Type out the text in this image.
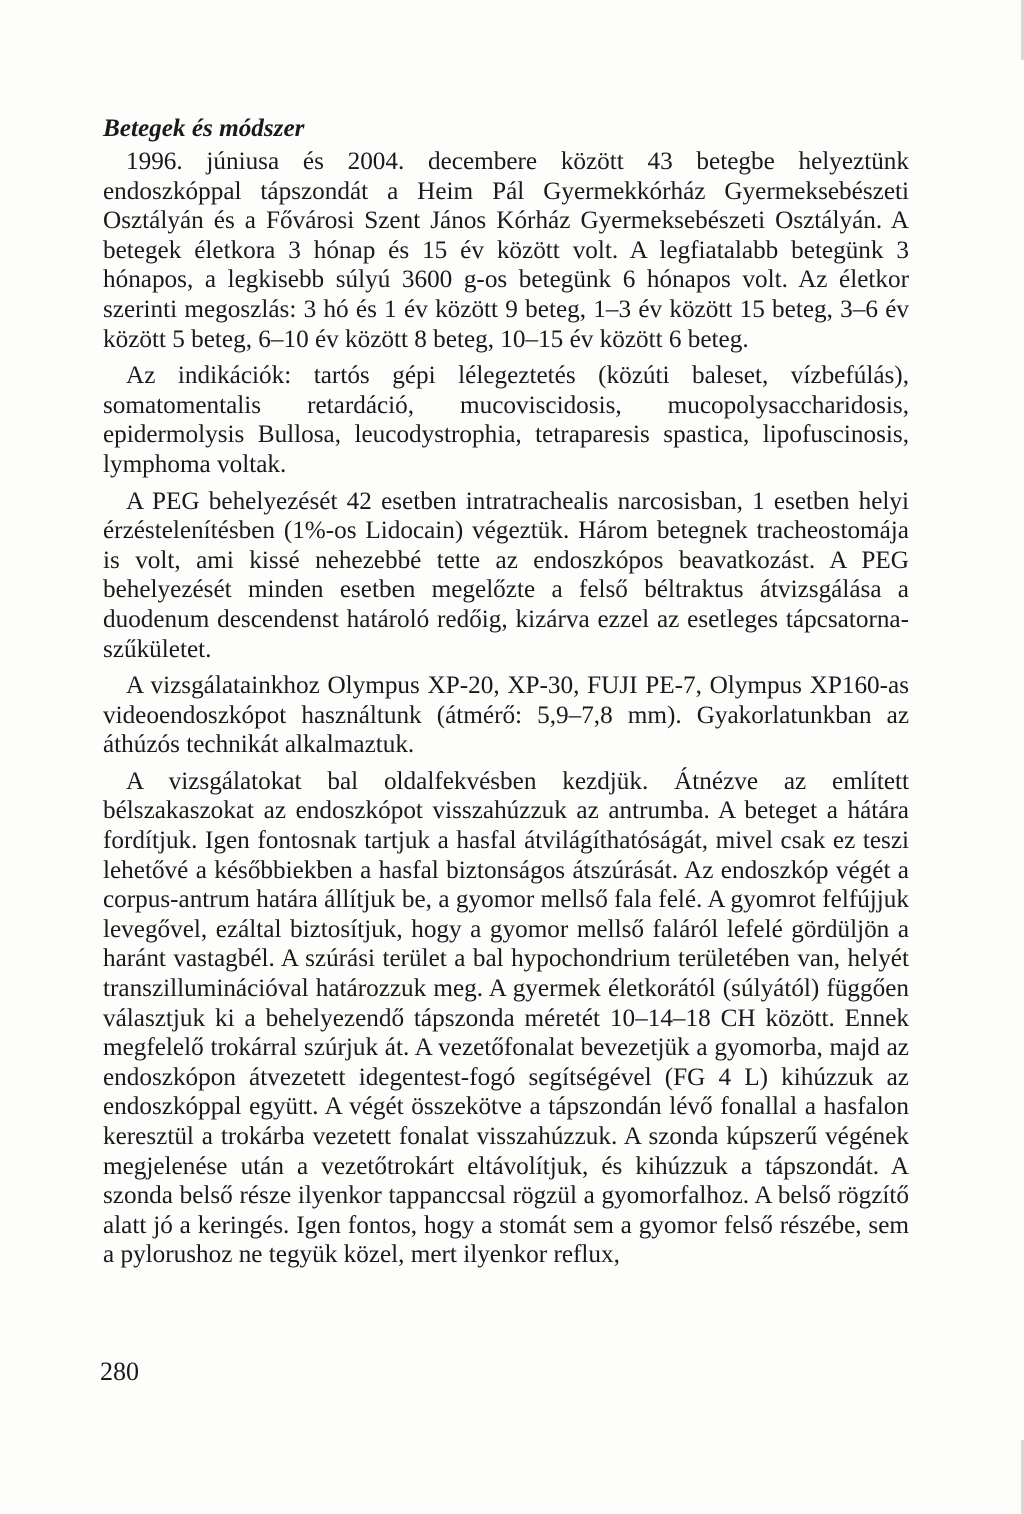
Betegek és módszer

1996. júniusa és 2004. decembere között 43 betegbe helyeztünk endoszkóppal tápszondát a Heim Pál Gyermekkórház Gyermeksebészeti Osztályán és a Fővárosi Szent János Kórház Gyermeksebészeti Osztályán. A betegek életkora 3 hónap és 15 év között volt. A legfiatalabb betegünk 3 hónapos, a legkisebb súlyú 3600 g-os betegünk 6 hónapos volt. Az életkor szerinti megoszlás: 3 hó és 1 év között 9 beteg, 1–3 év között 15 beteg, 3–6 év között 5 beteg, 6–10 év között 8 beteg, 10–15 év között 6 beteg.

Az indikációk: tartós gépi lélegeztetés (közúti baleset, vízbefúlás), somatomentalis retardáció, mucoviscidosis, mucopolysaccharidosis, epidermolysis Bullosa, leucodystrophia, tetraparesis spastica, lipofuscinosis, lymphoma voltak.

A PEG behelyezését 42 esetben intratrachealis narcosisban, 1 esetben helyi érzéstelenítésben (1%-os Lidocain) végeztük. Három betegnek tracheostomája is volt, ami kissé nehezebbé tette az endoszkópos beavatkozást. A PEG behelyezését minden esetben megelőzte a felső béltraktus átvizsgálása a duodenum descendenst határoló redőig, kizárva ezzel az esetleges tápcsatorna-szűkületet.

A vizsgálatainkhoz Olympus XP-20, XP-30, FUJI PE-7, Olympus XP160-as videoendoszkópot használtunk (átmérő: 5,9–7,8 mm). Gyakorlatunkban az áthúzós technikát alkalmaztuk.

A vizsgálatokat bal oldalfekvésben kezdjük. Átnézve az említett bélszakaszokat az endoszkópot visszahúzzuk az antrumba. A beteget a hátára fordítjuk. Igen fontosnak tartjuk a hasfal átvilágíthatóságát, mivel csak ez teszi lehetővé a későbbiekben a hasfal biztonságos átszúrását. Az endoszkóp végét a corpus-antrum határa állítjuk be, a gyomor mellső fala felé. A gyomrot felfújjuk levegővel, ezáltal biztosítjuk, hogy a gyomor mellső faláról lefelé gördüljön a haránt vastagbél. A szúrási terület a bal hypochondrium területében van, helyét transzilluminációval határozzuk meg. A gyermek életkorától (súlyától) függően választjuk ki a behelyezendő tápszonda méretét 10–14–18 CH között. Ennek megfelelő trokárral szúrjuk át. A vezetőfonalat bevezetjük a gyomorba, majd az endoszkópon átvezetett idegentest-fogó segítségével (FG 4 L) kihúzzuk az endoszkóppal együtt. A végét összekötve a tápszondán lévő fonallal a hasfalon keresztül a trokárba vezetett fonalat visszahúzzuk. A szonda kúpszerű végének megjelenése után a vezetőtrokárt eltávolítjuk, és kihúzzuk a tápszondát. A szonda belső része ilyenkor tappanccsal rögzül a gyomorfalhoz. A belső rögzítő alatt jó a keringés. Igen fontos, hogy a stomát sem a gyomor felső részébe, sem a pylorushoz ne tegyük közel, mert ilyenkor reflux,

280
